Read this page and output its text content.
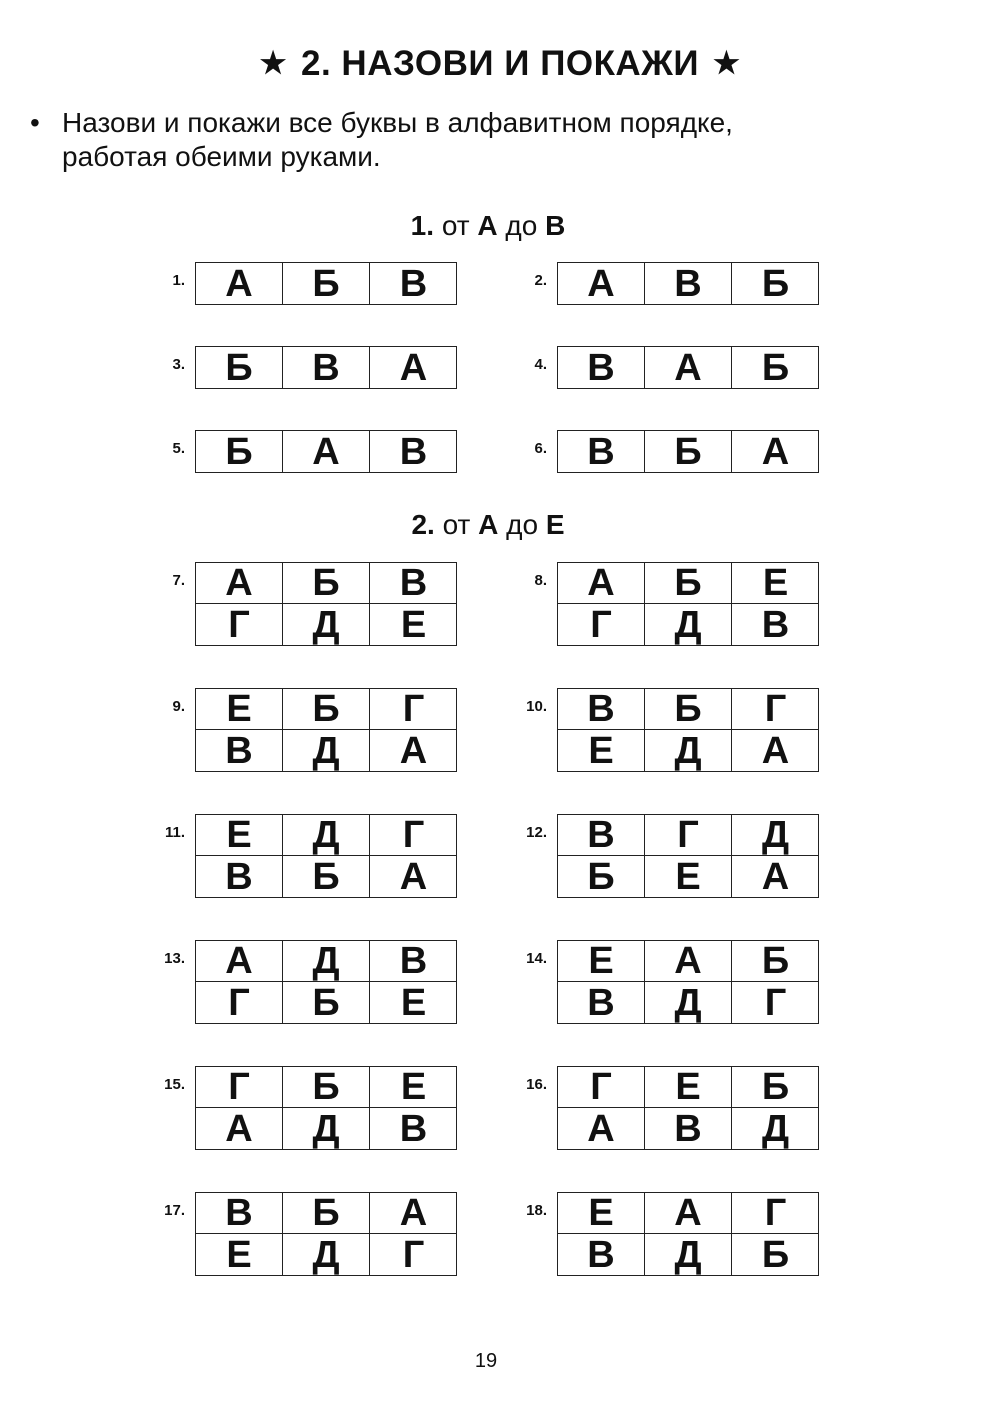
★ 2. НАЗОВИ И ПОКАЖИ ★
• Назови и покажи все буквы в алфавитном порядке,
работая обеими руками.
1. от А до В
2. от А до Е
1.	А	Б	В	2.	А	В	Б
3.	Б	В	А	4.	В	А	Б
5.	Б	А	В	6.	В	Б	А
7.	А	Б	В
Г	Д	Е
8.	А	Б	Е
Г	Д	В
9.	Е	Б	Г
В	Д	А
10.	В	Б	Г
Е	Д	А
11.	Е	Д	Г
В	Б	А
12.	В	Г	Д
Б	Е	А
13.	А	Д	В
Г	Б	Е
14.	Е	А	Б
В	Д	Г
15.	Г	Б	Е
А	Д	В
16.	Г	Е	Б
А	В	Д
17.	В	Б	А
Е	Д	Г
18.	Е	А	Г
В	Д	Б
19
